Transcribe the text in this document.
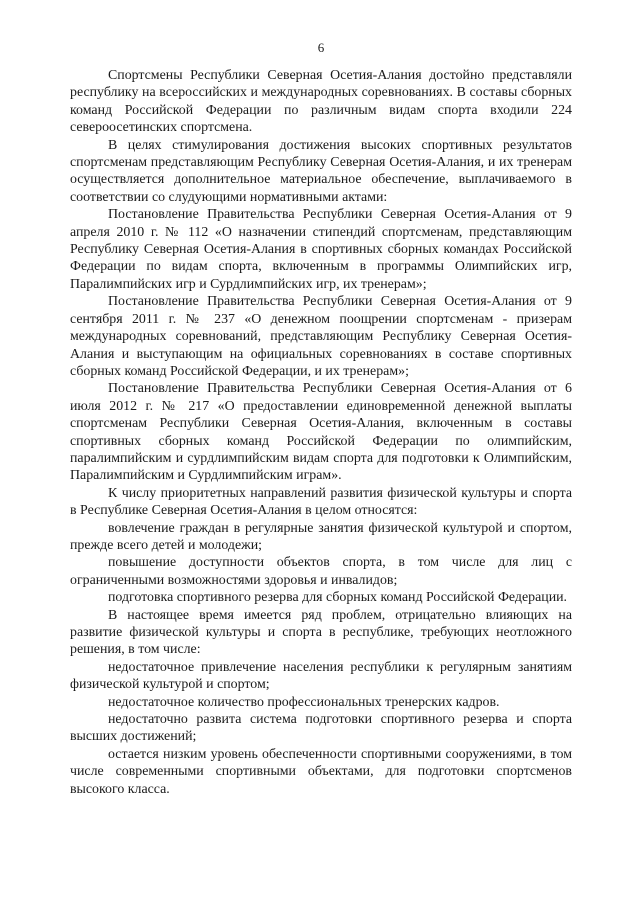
6

Спортсмены Республики Северная Осетия-Алания достойно представляли республику на всероссийских и международных соревнованиях. В составы сборных команд Российской Федерации по различным видам спорта входили 224 североосетинских спортсмена.

В целях стимулирования достижения высоких спортивных результатов спортсменам представляющим Республику Северная Осетия-Алания, и их тренерам осуществляется дополнительное материальное обеспечение, выплачиваемого в соответствии со слудующими нормативными актами:

Постановление Правительства Республики Северная Осетия-Алания от 9 апреля 2010 г. № 112 «О назначении стипендий спортсменам, представляющим Республику Северная Осетия-Алания в спортивных сборных командах Российской Федерации по видам спорта, включенным в программы Олимпийских игр, Паралимпийских игр и Сурдлимпийских игр, их тренерам»;

Постановление Правительства Республики Северная Осетия-Алания от 9 сентября 2011 г. № 237 «О денежном поощрении спортсменам - призерам международных соревнований, представляющим Республику Северная Осетия-Алания и выступающим на официальных соревнованиях в составе спортивных сборных команд Российской Федерации, и их тренерам»;

Постановление Правительства Республики Северная Осетия-Алания от 6 июля 2012 г. № 217 «О предоставлении единовременной денежной выплаты спортсменам Республики Северная Осетия-Алания, включенным в составы спортивных сборных команд Российской Федерации по олимпийским, паралимпийским и сурдлимпийским видам спорта для подготовки к Олимпийским, Паралимпийским и Сурдлимпийским играм».

К числу приоритетных направлений развития физической культуры и спорта в Республике Северная Осетия-Алания в целом относятся:

вовлечение граждан в регулярные занятия физической культурой и спортом, прежде всего детей и молодежи;

повышение доступности объектов спорта, в том числе для лиц с ограниченными возможностями здоровья и инвалидов;

подготовка спортивного резерва для сборных команд Российской Федерации.

В настоящее время имеется ряд проблем, отрицательно влияющих на развитие физической культуры и спорта в республике, требующих неотложного решения, в том числе:

недостаточное привлечение населения республики к регулярным занятиям физической культурой и спортом;

недостаточное количество профессиональных тренерских кадров.

недостаточно развита система подготовки спортивного резерва и спорта высших достижений;

остается низким уровень обеспеченности спортивными сооружениями, в том числе современными спортивными объектами, для подготовки спортсменов высокого класса.
